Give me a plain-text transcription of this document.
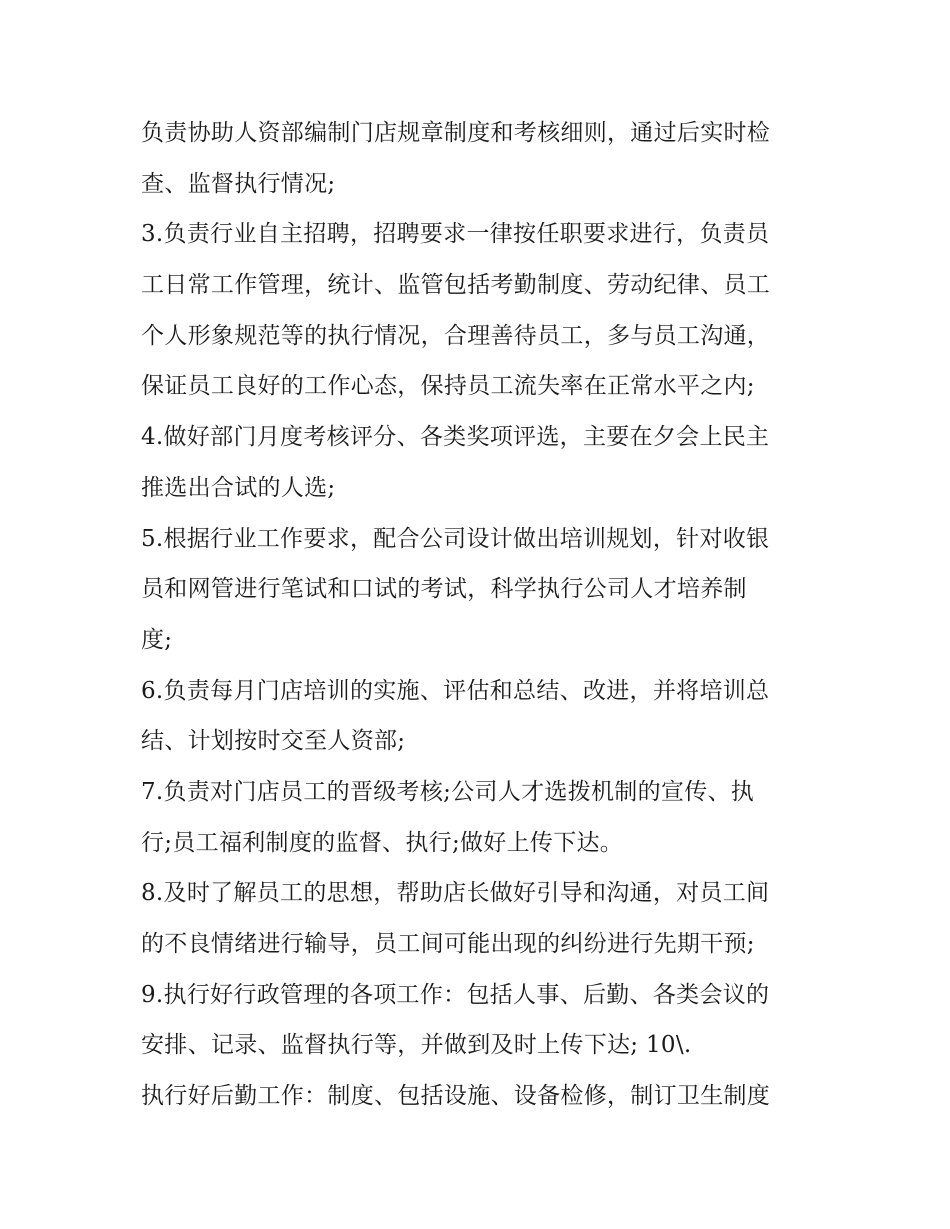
负责协助人资部编制门店规章制度和考核细则，通过后实时检
查、监督执行情况;
3.负责行业自主招聘，招聘要求一律按任职要求进行，负责员
工日常工作管理，统计、监管包括考勤制度、劳动纪律、员工
个人形象规范等的执行情况，合理善待员工，多与员工沟通，
保证员工良好的工作心态，保持员工流失率在正常水平之内;
4.做好部门月度考核评分、各类奖项评选，主要在夕会上民主
推选出合试的人选;
5.根据行业工作要求，配合公司设计做出培训规划，针对收银
员和网管进行笔试和口试的考试，科学执行公司人才培养制
度;
6.负责每月门店培训的实施、评估和总结、改进，并将培训总
结、计划按时交至人资部;
7.负责对门店员工的晋级考核;公司人才选拨机制的宣传、执
行;员工福利制度的监督、执行;做好上传下达。
8.及时了解员工的思想，帮助店长做好引导和沟通，对员工间
的不良情绪进行输导，员工间可能出现的纠纷进行先期干预;
9.执行好行政管理的各项工作：包括人事、后勤、各类会议的
安排、记录、监督执行等，并做到及时上传下达; 10\.
执行好后勤工作：制度、包括设施、设备检修，制订卫生制度
